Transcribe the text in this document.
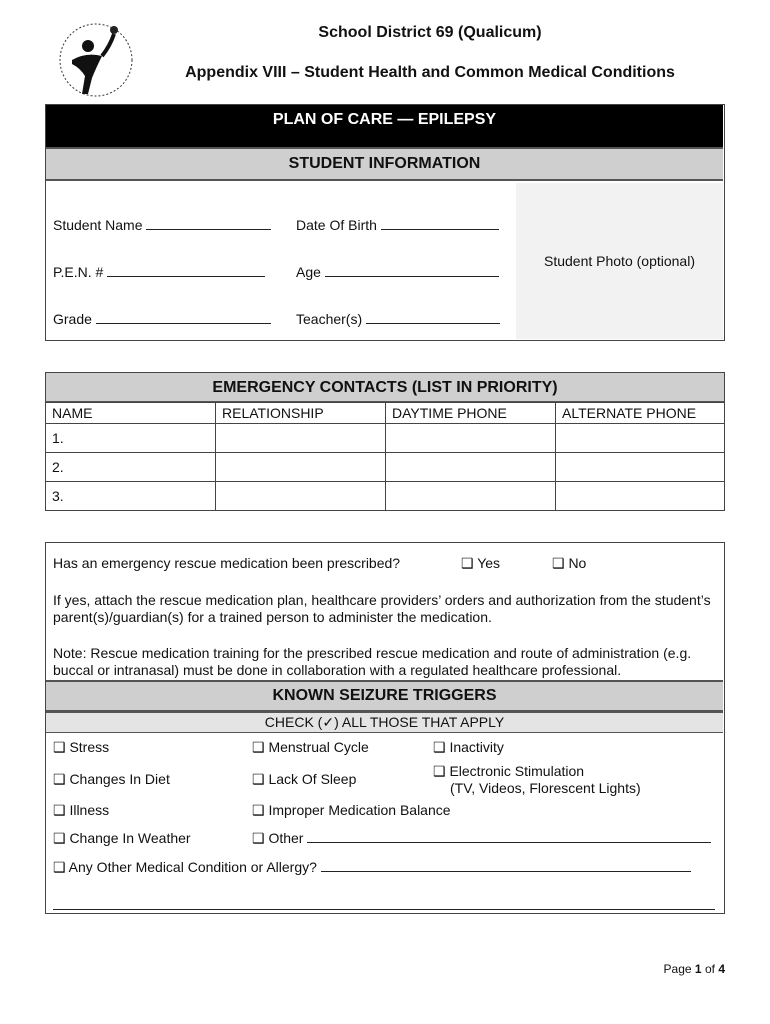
School District 69 (Qualicum)
Appendix VIII – Student Health and Common Medical Conditions
PLAN OF CARE — EPILEPSY
STUDENT INFORMATION
Student Name	Date Of Birth
P.E.N. #	Age
Grade	Teacher(s)
Student Photo (optional)
EMERGENCY CONTACTS (LIST IN PRIORITY)
NAME	RELATIONSHIP	DAYTIME PHONE	ALTERNATE PHONE
1.			
2.			
3.			
Has an emergency rescue medication been prescribed?	❑ Yes	❑ No
If yes, attach the rescue medication plan, healthcare providers’ orders and authorization from the student’s parent(s)/guardian(s) for a trained person to administer the medication.
Note: Rescue medication training for the prescribed rescue medication and route of administration (e.g. buccal or intranasal) must be done in collaboration with a regulated healthcare professional.
KNOWN SEIZURE TRIGGERS
CHECK (✓) ALL THOSE THAT APPLY
❑ Stress	❑ Menstrual Cycle	❑ Inactivity
❑ Changes In Diet	❑ Lack Of Sleep	❑ Electronic Stimulation
(TV, Videos, Florescent Lights)
❑ Illness	❑ Improper Medication Balance
❑ Change In Weather	❑ Other
❑ Any Other Medical Condition or Allergy?
Page 1 of 4
